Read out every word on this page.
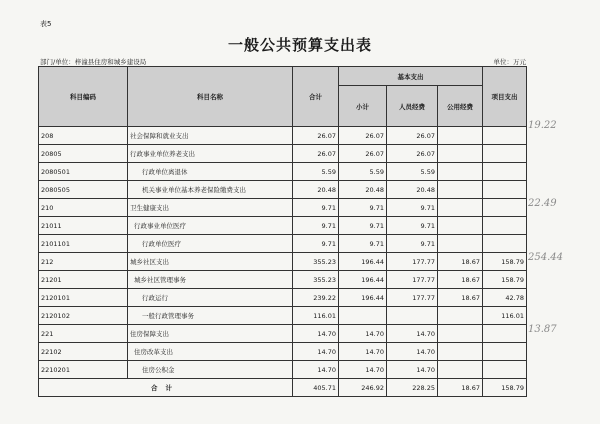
表5
一般公共预算支出表
部门/单位：梓潼县住房和城乡建设局	单位：万元
科目编码	科目名称	合计	基本支出			项目支出
			小计	人员经费	公用经费	
208	社会保障和就业支出	26.07	26.07	26.07		
20805	行政事业单位养老支出	26.07	26.07	26.07		
2080501	行政单位离退休	5.59	5.59	5.59		
2080505	机关事业单位基本养老保险缴费支出	20.48	20.48	20.48		
210	卫生健康支出	9.71	9.71	9.71		
21011	行政事业单位医疗	9.71	9.71	9.71		
2101101	行政单位医疗	9.71	9.71	9.71		
212	城乡社区支出	355.23	196.44	177.77	18.67	158.79
21201	城乡社区管理事务	355.23	196.44	177.77	18.67	158.79
2120101	行政运行	239.22	196.44	177.77	18.67	42.78
2120102	一般行政管理事务	116.01				116.01
221	住房保障支出	14.70	14.70	14.70		
22102	住房改革支出	14.70	14.70	14.70		
2210201	住房公积金	14.70	14.70	14.70		
合计		405.71	246.92	228.25	18.67	158.79
19.22
22.49
254.44
13.87
